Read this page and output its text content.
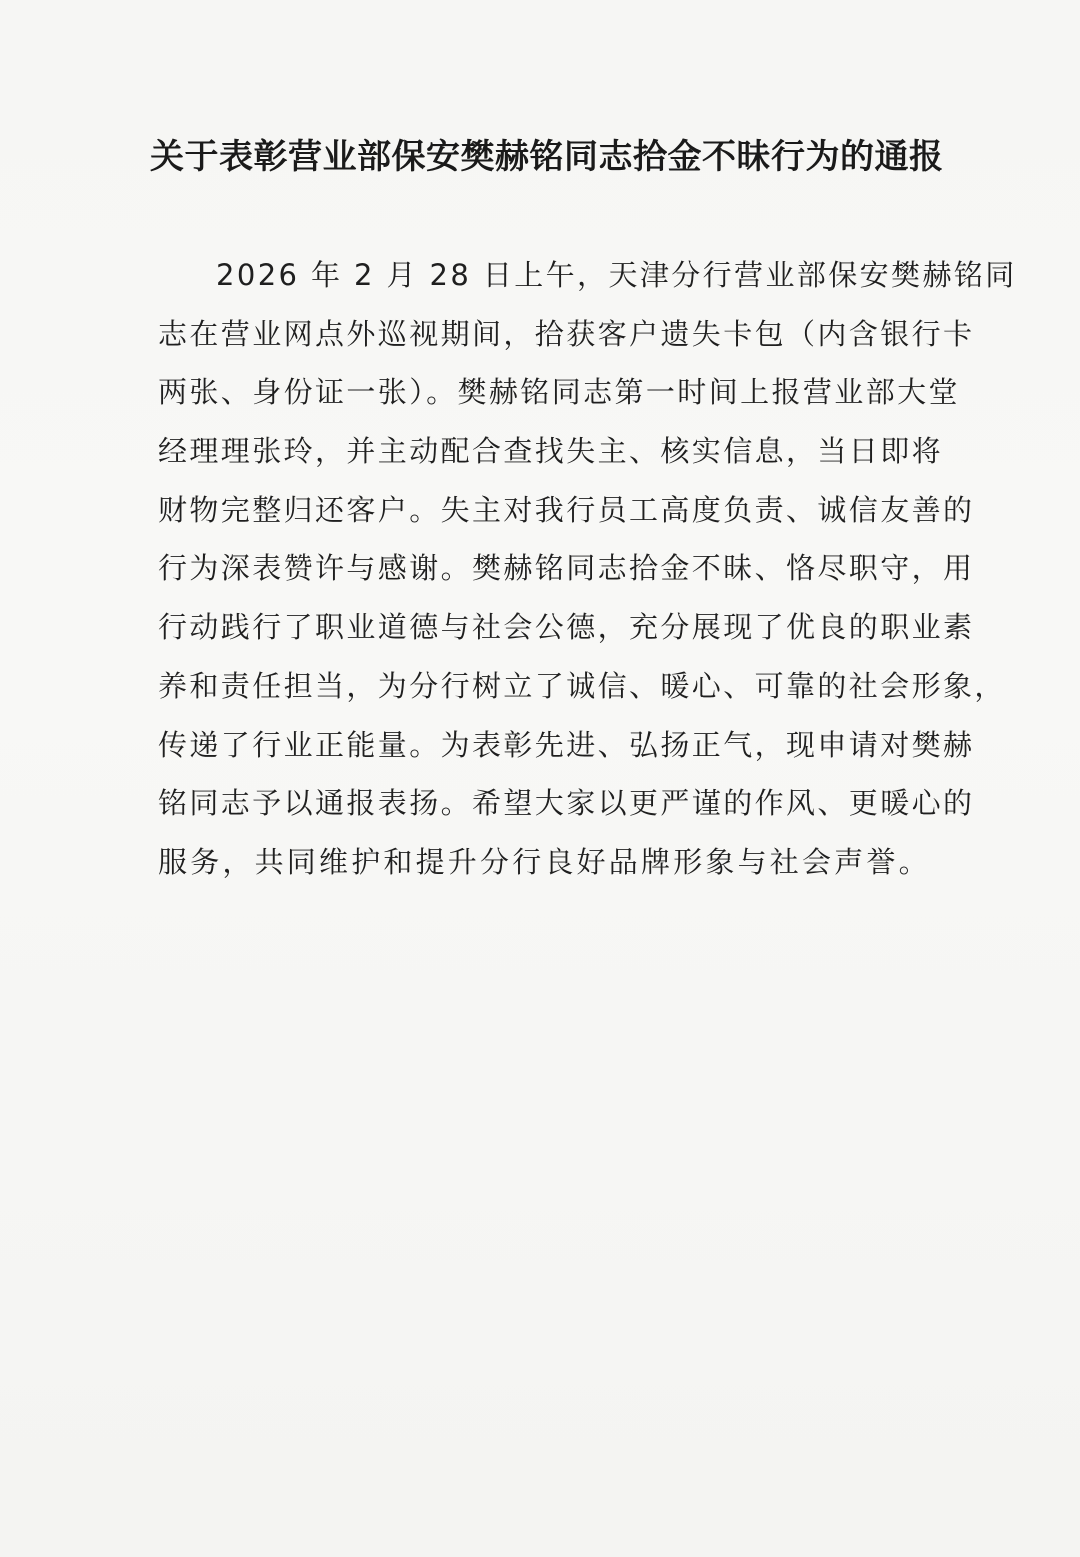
关于表彰营业部保安樊赫铭同志拾金不昧行为的通报
2026 年 2 月 28 日上午，天津分行营业部保安樊赫铭同
志在营业网点外巡视期间，拾获客户遗失卡包（内含银行卡
两张、身份证一张）。樊赫铭同志第一时间上报营业部大堂
经理理张玲，并主动配合查找失主、核实信息，当日即将
财物完整归还客户。失主对我行员工高度负责、诚信友善的
行为深表赞许与感谢。樊赫铭同志拾金不昧、恪尽职守，用
行动践行了职业道德与社会公德，充分展现了优良的职业素
养和责任担当，为分行树立了诚信、暖心、可靠的社会形象，
传递了行业正能量。为表彰先进、弘扬正气，现申请对樊赫
铭同志予以通报表扬。希望大家以更严谨的作风、更暖心的
服务，共同维护和提升分行良好品牌形象与社会声誉。
